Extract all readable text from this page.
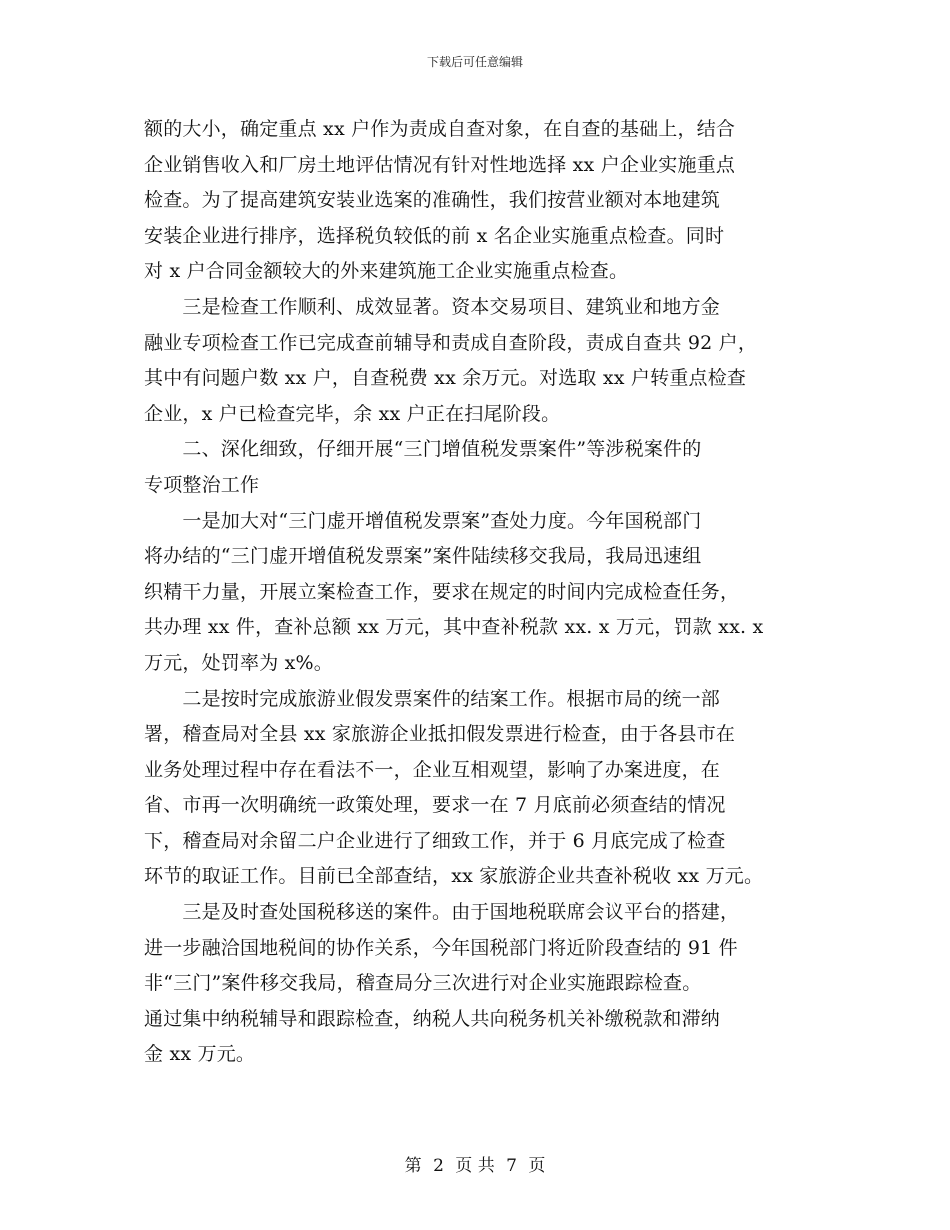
下载后可任意编辑
额的大小，确定重点 xx 户作为责成自查对象，在自查的基础上，结合
企业销售收入和厂房土地评估情况有针对性地选择 xx 户企业实施重点
检查。为了提高建筑安装业选案的准确性，我们按营业额对本地建筑
安装企业进行排序，选择税负较低的前 x 名企业实施重点检查。同时
对 x 户合同金额较大的外来建筑施工企业实施重点检查。
　　三是检查工作顺利、成效显著。资本交易项目、建筑业和地方金
融业专项检查工作已完成查前辅导和责成自查阶段，责成自查共 92 户，
其中有问题户数 xx 户，自查税费 xx 余万元。对选取 xx 户转重点检查
企业，x 户已检查完毕，余 xx 户正在扫尾阶段。
　　二、深化细致，仔细开展“三门增值税发票案件”等涉税案件的
专项整治工作
　　一是加大对“三门虚开增值税发票案”查处力度。今年国税部门
将办结的“三门虚开增值税发票案”案件陆续移交我局，我局迅速组
织精干力量，开展立案检查工作，要求在规定的时间内完成检查任务，
共办理 xx 件，查补总额 xx 万元，其中查补税款 xx. x 万元，罚款 xx. x
万元，处罚率为 x%。
　　二是按时完成旅游业假发票案件的结案工作。根据市局的统一部
署，稽查局对全县 xx 家旅游企业抵扣假发票进行检查，由于各县市在
业务处理过程中存在看法不一，企业互相观望，影响了办案进度，在
省、市再一次明确统一政策处理，要求一在 7 月底前必须查结的情况
下，稽查局对余留二户企业进行了细致工作，并于 6 月底完成了检查
环节的取证工作。目前已全部查结，xx 家旅游企业共查补税收 xx 万元。
　　三是及时查处国税移送的案件。由于国地税联席会议平台的搭建，
进一步融洽国地税间的协作关系，今年国税部门将近阶段查结的 91 件
非“三门”案件移交我局，稽查局分三次进行对企业实施跟踪检查。
通过集中纳税辅导和跟踪检查，纳税人共向税务机关补缴税款和滞纳
金 xx 万元。
第 2 页 共 7 页
